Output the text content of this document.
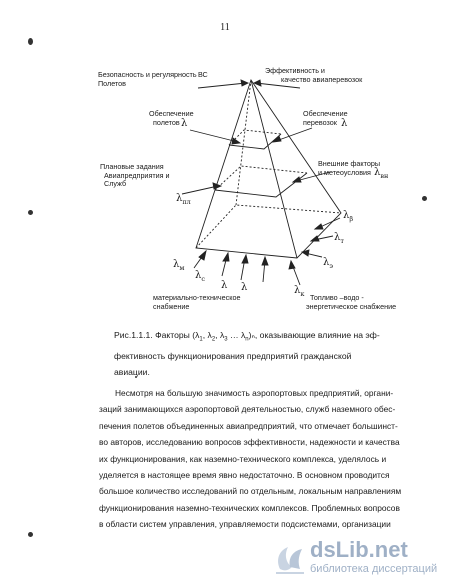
11
Безопасность и регулярность
Полетов
ВС	Эффективность и
качество авиаперевозок
Обеспечение
полетов λ
Обеспечение
перевозок λ
Плановые задания
Авиапредприятия и
Служб
$\lambda_{пл}$
Внешние факторы
и метеоусловия $\lambda_{вн}$
$\lambda_\beta$
$\lambda_т$
$\lambda_э$
$\lambda_м$
$\lambda_с$
λ λ	$\lambda_к$
материально-техническое
снабжение
Топливо –водо -
энергетическое снабжение
Рис.1.1.1. Факторы ($\lambda_1$, $\lambda_2$, $\lambda_3$ … $\lambda_n)_n$, оказывающие влияние на эф-
фективность функционирования предприятий гражданской
авиации.
Несмотря на большую значимость аэропортовых предприятий, органи-
заций занимающихся аэропортовой деятельностью, служб наземного обес-
печения полетов объединенных авиапредприятий, что отмечает большинст-
во авторов, исследованию вопросов эффективности, надежности и качества
их функционирования, как наземно-технического комплекса, уделялось и
уделяется в настоящее время явно недостаточно. В основном проводится
большое количество исследований по отдельным, локальным направлениям
функционирования наземно-технических комплексов. Проблемных вопросов
в области систем управления, управляемости подсистемами, организации
dsLib.net
библиотека диссертаций
